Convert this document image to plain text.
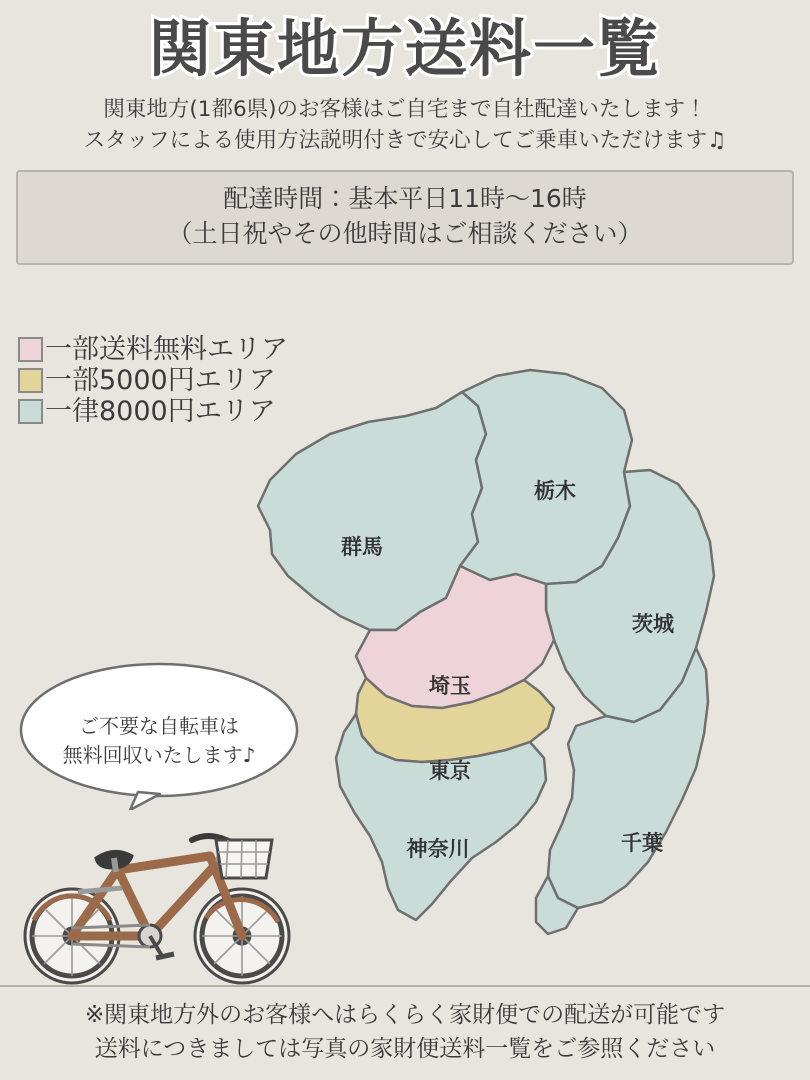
関東地方送料一覧
関東地方(1都6県)のお客様はご自宅まで自社配達いたします！
スタッフによる使用方法説明付きで安心してご乗車いただけます♫
配達時間：基本平日11時〜16時
（土日祝やその他時間はご相談ください）
一部送料無料エリア
一部5000円エリア
一律8000円エリア
栃木
群馬
茨城
埼玉
東京
神奈川	千葉
ご不要な自転車は
無料回収いたします♪
※関東地方外のお客様へはらくらく家財便での配送が可能です
送料につきましては写真の家財便送料一覧をご参照ください
